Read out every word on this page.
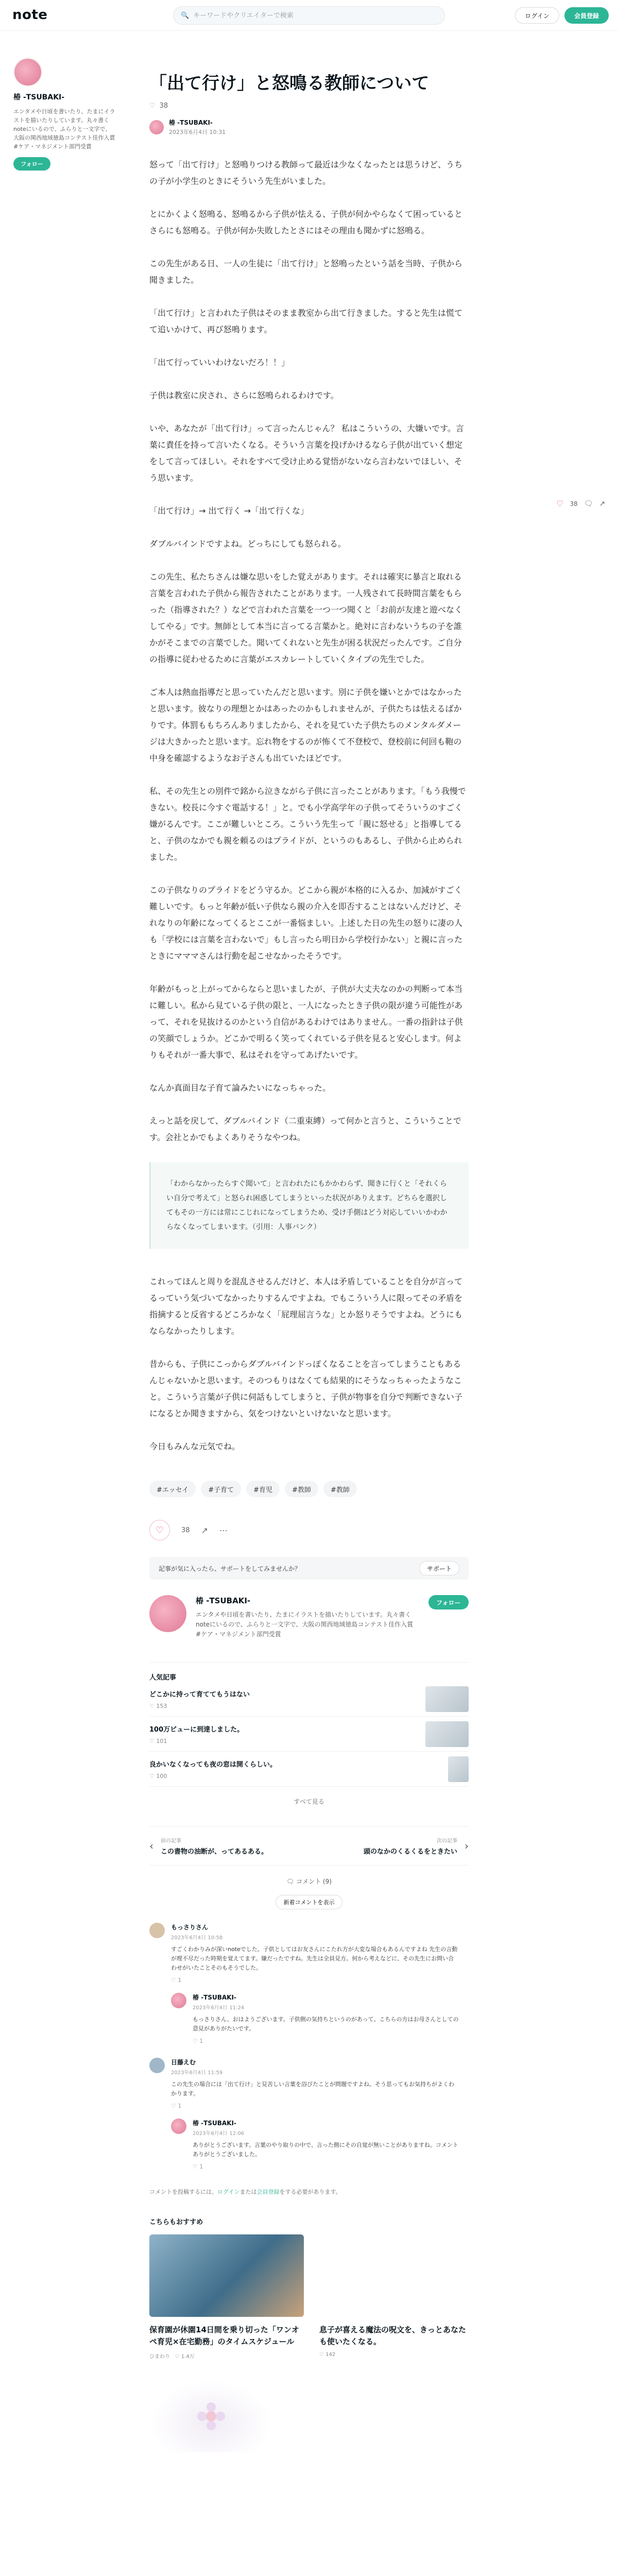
note	🔍
キーワードやクリエイターで検索	ログイン	会員登録
椿 -TSUBAKI-
エンタメや日頃を書いたり、たまにイラストを描いたりしています。丸々書くnoteにいるので、ふらりと一文字で、大阪の関西地域徳島コンテスト佳作入賞 #ケア・マネジメント部門受賞
フォロー
♡ 38 🗨 ↗
「出て行け」と怒鳴る教師について
♡ 38
椿 -TSUBAKI-
2023年6月4日 10:31

怒って「出て行け」と怒鳴りつける教師って最近は少なくなったとは思うけど、うちの子が小学生のときにそういう先生がいました。

とにかくよく怒鳴る、怒鳴るから子供が怯える、子供が何かやらなくて困っているとさらにも怒鳴る。子供が何か失敗したとさにはその理由も聞かずに怒鳴る。

この先生がある日、一人の生徒に「出て行け」と怒鳴ったという話を当時、子供から聞きました。

「出て行け」と言われた子供はそのまま教室から出て行きました。すると先生は慌てて追いかけて、再び怒鳴ります。

「出て行っていいわけないだろ！！」

子供は教室に戻され、さらに怒鳴られるわけです。

いや、あなたが「出て行け」って言ったんじゃん？ 私はこういうの、大嫌いです。言葉に責任を持って言いたくなる。そういう言葉を投げかけるなら子供が出ていく想定をして言ってほしい。それをすべて受け止める覚悟がないなら言わないでほしい、そう思います。

「出て行け」→ 出て行く →「出て行くな」

ダブルバインドですよね。どっちにしても怒られる。

この先生、私たちさんは嫌な思いをした覚えがあります。それは確実に暴言と取れる言葉を言われた子供から報告されたことがあります。一人残されて長時間言葉をもらった（指導された？）などで言われた言葉を一つ一つ聞くと「お前が友達と遊べなくしてやる」です。無師として本当に言ってる言葉かと。絶対に言わないうちの子を誰かがそこまでの言葉でした。聞いてくれないと先生が困る状況だったんです。ご自分の指導に従わせるために言葉がエスカレートしていくタイプの先生でした。

ご本人は熱血指導だと思っていたんだと思います。別に子供を嫌いとかではなかったと思います。彼なりの理想とかはあったのかもしれませんが、子供たちは怯えるばかりです。体罰ももちろんありましたから、それを見ていた子供たちのメンタルダメージは大きかったと思います。忘れ物をするのが怖くて不登校で、登校前に何回も鞄の中身を確認するようなお子さんも出ていたほどです。

私、その先生との別件で銘から泣きながら子供に言ったことがあります。「もう我慢できない。校長に今すぐ電話する！」と。でも小学高学年の子供ってそういうのすごく嫌がるんです。ここが難しいところ。こういう先生って「親に怒せる」と指導してると、子供のなかでも親を頼るのはプライドが、というのもあるし、子供から止められました。

この子供なりのプライドをどう守るか。どこから親が本格的に入るか、加減がすごく難しいです。もっと年齢が低い子供なら親の介入を即否することはないんだけど、それなりの年齢になってくるとここが一番悩ましい。上述した日の先生の怒りに凄の人も「学校には言葉を言わないで」もし言ったら明日から学校行かない」と親に言ったときにマママさんは行動を起こせなかったそうです。

年齢がもっと上がってからならと思いましたが、子供が大丈夫なのかの判断って本当に難しい。私から見ている子供の限と、一人になったとき子供の限が違う可能性があって、それを見抜けるのかという自信があるわけではありません。一番の指針は子供の笑顔でしょうか。どこかで明るく笑ってくれている子供を見ると安心します。何よりもそれが一番大事で、私はそれを守ってあげたいです。

なんか真面目な子育て論みたいになっちゃった。

えっと話を戻して、ダブルバインド（二重束縛）って何かと言うと、こういうことです。会社とかでもよくありそうなやつね。

「わからなかったらすぐ聞いて」と言われたにもかかわらず、聞きに行くと「それくらい自分で考えて」と怒られ困惑してしまうといった状況がありえます。どちらを選択してもその一方には常にこじれになってしまうため、受け手側はどう対応していいかわからなくなってしまいます。（引用：人事バンク）

これってほんと周りを混乱させるんだけど、本人は矛盾していることを自分が言ってるっていう気づいてなかったりするんですよね。でもこういう人に限ってその矛盾を指摘すると反省するどころかなく「屁理屈言うな」とか怒りそうですよね。どうにもならなかったりします。

昔からも、子供にこっからダブルバインドっぽくなることを言ってしまうこともあるんじゃないかと思います。そのつもりはなくても結果的にそうなっちゃったようなこと。こういう言葉が子供に伺話もしてしまうと、子供が物事を自分で判断できない子になるとか聞きますから、気をつけないといけないなと思います。

今日もみんな元気でね。

#エッセイ	#子育て	#育児	#教師	#教師
♡	38 ↗ ⋯
記事が気に入ったら、サポートをしてみませんか？	サポート
椿 -TSUBAKI-
エンタメや日頃を書いたり、たまにイラストを描いたりしています。丸々書くnoteにいるので、ふらりと一文字で、大阪の関西地域徳島コンテスト佳作入賞 #ケア・マネジメント部門受賞
フォロー
人気記事
どこかに持って育ててもうはない
♡ 153
100万ビューに到達しました。
♡ 101
良かいなくなっても夜の窓は開くらしい。
♡ 100
すべて見る
‹ 前の記事
この書物の油断が、ってあるある。
次の記事
頭のなかのくるくるをときたい ›
🗨 コメント (9)
新着コメントを表示
もっさりさん
2023年6月4日 10:58
すごくわかりみが深いnoteでした。子供としてはお友さんにこたれ方が大変な場合もあるんですよね 先生の言動が理不尽だった時期を覚えてます。嫌だったですね。先生は全員見方。何から考えなどに、その先生にお問い合わせがいたことそのもそうでした。
♡ 1
椿 -TSUBAKI-
2023年6月4日 11:24
もっさりさん、おはようございます。子供側の気持ちというのがあって。こちらの方はお母さんとしての意見がありがたいです。
♡ 1
日藤えむ
2023年6月4日 11:59
この先生の場合には「出て行け」と見苦しい言葉を浴びたことが問題ですよね。そう思ってもお気持ちがよくわかります。
♡ 1
椿 -TSUBAKI-
2023年6月4日 12:06
ありがとうございます。言葉のやり取りの中で、言った側にその自覚が無いことがありますね。コメントありがとうございました。
♡ 1
コメントを投稿するには、ログインまたは会員登録をする必要があります。
こちらもおすすめ
保育園が休園14日間を乗り切った「ワンオペ育児×在宅勤務」のタイムスケジュール
ひまわり ♡ 1.4万
息子が喜える魔法の呪文を、きっとあなたも使いたくなる。
♡ 142
